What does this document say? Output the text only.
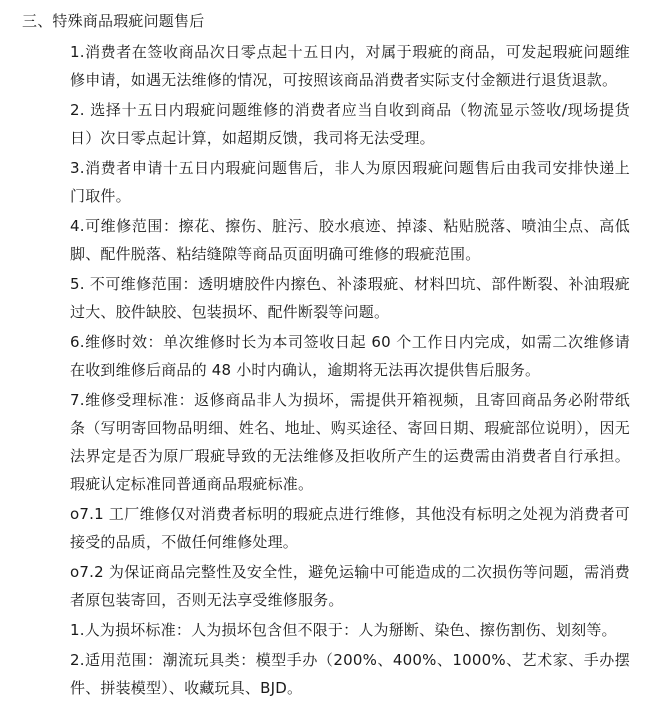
三、特殊商品瑕疵问题售后

1.消费者在签收商品次日零点起十五日内，对属于瑕疵的商品，可发起瑕疵问题维修申请，如遇无法维修的情况，可按照该商品消费者实际支付金额进行退货退款。

2. 选择十五日内瑕疵问题维修的消费者应当自收到商品（物流显示签收/现场提货日）次日零点起计算，如超期反馈，我司将无法受理。

3.消费者申请十五日内瑕疵问题售后，非人为原因瑕疵问题售后由我司安排快递上门取件。

4.可维修范围：擦花、擦伤、脏污、胶水痕迹、掉漆、粘贴脱落、喷油尘点、高低脚、配件脱落、粘结缝隙等商品页面明确可维修的瑕疵范围。

5. 不可维修范围：透明塘胶件内擦色、补漆瑕疵、材料凹坑、部件断裂、补油瑕疵过大、胶件缺胶、包装损坏、配件断裂等问题。

6.维修时效：单次维修时长为本司签收日起 60 个工作日内完成，如需二次维修请在收到维修后商品的 48 小时内确认，逾期将无法再次提供售后服务。

7.维修受理标准：返修商品非人为损坏，需提供开箱视频，且寄回商品务必附带纸条（写明寄回物品明细、姓名、地址、购买途径、寄回日期、瑕疵部位说明），因无法界定是否为原厂瑕疵导致的无法维修及拒收所产生的运费需由消费者自行承担。瑕疵认定标准同普通商品瑕疵标准。

o7.1 工厂维修仅对消费者标明的瑕疵点进行维修，其他没有标明之处视为消费者可接受的品质，不做任何维修处理。

o7.2 为保证商品完整性及安全性，避免运输中可能造成的二次损伤等问题，需消费者原包装寄回，否则无法享受维修服务。

1.人为损坏标准：人为损坏包含但不限于：人为掰断、染色、擦伤割伤、划刻等。

2.适用范围：潮流玩具类：模型手办（200%、400%、1000%、艺术家、手办摆件、拼装模型）、收藏玩具、BJD。
